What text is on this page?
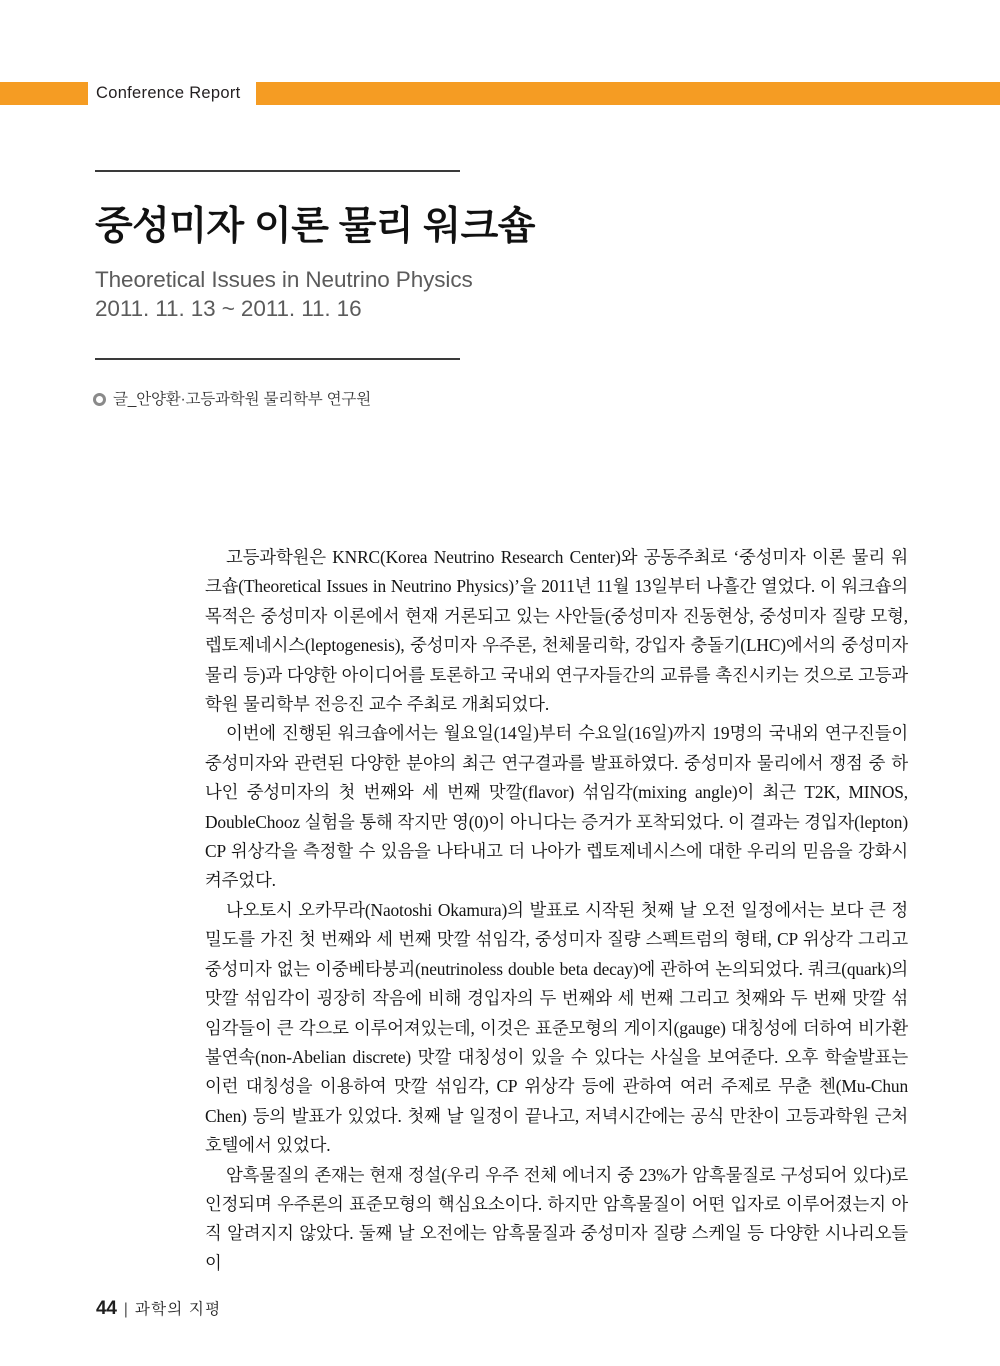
Conference Report
중성미자 이론 물리 워크숍

Theoretical Issues in Neutrino Physics

2011. 11. 13 ~ 2011. 11. 16

글_안양환·고등과학원 물리학부 연구원

고등과학원은 KNRC(Korea Neutrino Research Center)와 공동주최로 ‘중성미자 이론 물리 워크숍(Theoretical Issues in Neutrino Physics)’을 2011년 11월 13일부터 나흘간 열었다. 이 워크숍의 목적은 중성미자 이론에서 현재 거론되고 있는 사안들(중성미자 진동현상, 중성미자 질량 모형, 렙토제네시스(leptogenesis), 중성미자 우주론, 천체물리학, 강입자 충돌기(LHC)에서의 중성미자물리 등)과 다양한 아이디어를 토론하고 국내외 연구자들간의 교류를 촉진시키는 것으로 고등과학원 물리학부 전응진 교수 주최로 개최되었다.

이번에 진행된 워크숍에서는 월요일(14일)부터 수요일(16일)까지 19명의 국내외 연구진들이 중성미자와 관련된 다양한 분야의 최근 연구결과를 발표하였다. 중성미자 물리에서 쟁점 중 하나인 중성미자의 첫 번째와 세 번째 맛깔(flavor) 섞임각(mixing angle)이 최근 T2K, MINOS, DoubleChooz 실험을 통해 작지만 영(0)이 아니다는 증거가 포착되었다. 이 결과는 경입자(lepton) CP 위상각을 측정할 수 있음을 나타내고 더 나아가 렙토제네시스에 대한 우리의 믿음을 강화시켜주었다.

나오토시 오카무라(Naotoshi Okamura)의 발표로 시작된 첫째 날 오전 일정에서는 보다 큰 정밀도를 가진 첫 번째와 세 번째 맛깔 섞임각, 중성미자 질량 스펙트럼의 형태, CP 위상각 그리고 중성미자 없는 이중베타붕괴(neutrinoless double beta decay)에 관하여 논의되었다. 쿼크(quark)의 맛깔 섞임각이 굉장히 작음에 비해 경입자의 두 번째와 세 번째 그리고 첫째와 두 번째 맛깔 섞임각들이 큰 각으로 이루어져있는데, 이것은 표준모형의 게이지(gauge) 대칭성에 더하여 비가환 불연속(non-Abelian discrete) 맛깔 대칭성이 있을 수 있다는 사실을 보여준다. 오후 학술발표는 이런 대칭성을 이용하여 맛깔 섞임각, CP 위상각 등에 관하여 여러 주제로 무춘 첸(Mu-Chun Chen) 등의 발표가 있었다. 첫째 날 일정이 끝나고, 저녁시간에는 공식 만찬이 고등과학원 근처 호텔에서 있었다.

암흑물질의 존재는 현재 정설(우리 우주 전체 에너지 중 23%가 암흑물질로 구성되어 있다)로 인정되며 우주론의 표준모형의 핵심요소이다. 하지만 암흑물질이 어떤 입자로 이루어졌는지 아직 알려지지 않았다. 둘째 날 오전에는 암흑물질과 중성미자 질량 스케일 등 다양한 시나리오들이

44 | 과학의 지평
